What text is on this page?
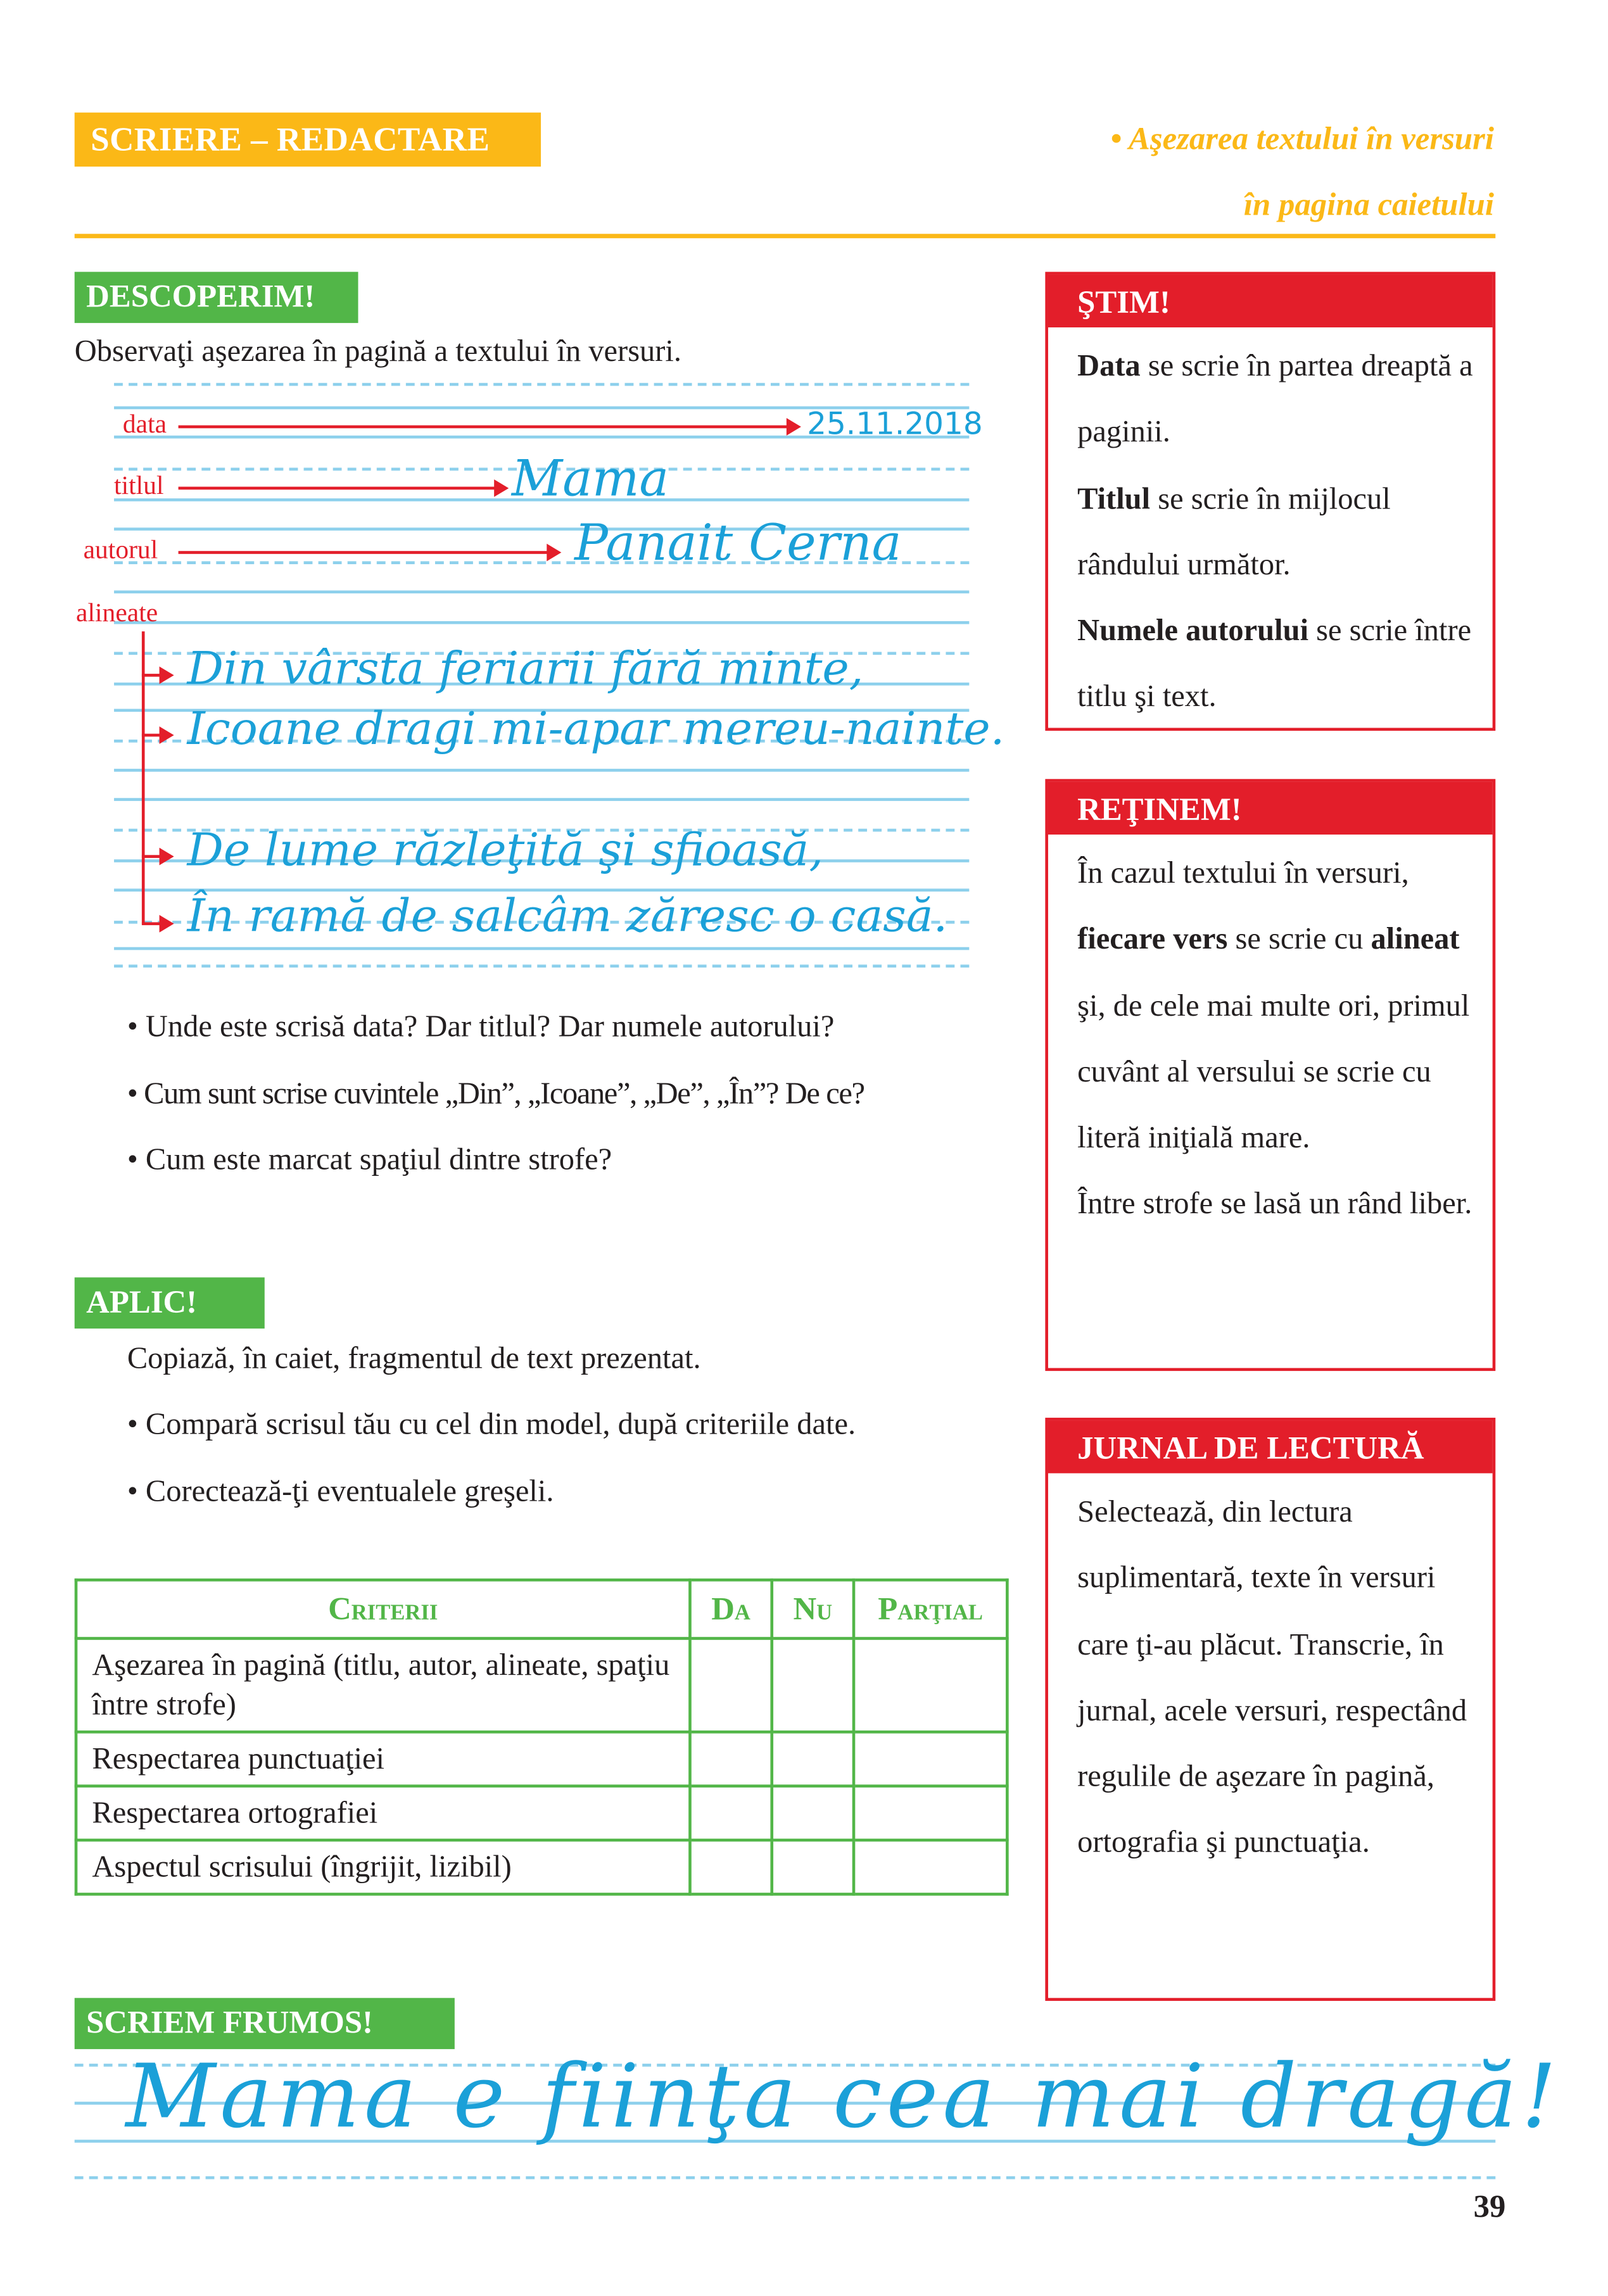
SCRIERE – REDACTARE	• Aşezarea textului în versuri
în pagina caietului
DESCOPERIM!
Observaţi aşezarea în pagină a textului în versuri.
data	25.11.2018
titlul	Mama
autorul	Panait Cerna
alineate
Din vârsta feriarii fără minte,
Icoane dragi mi-apar mereu-nainte.
De lume răzleţită şi sfioasă,
În ramă de salcâm zăresc o casă.
• Unde este scrisă data? Dar titlul? Dar numele autorului?
• Cum sunt scrise cuvintele „Din”, „Icoane”, „De”, „În”? De ce?
• Cum este marcat spaţiul dintre strofe?
APLIC!
Copiază, în caiet, fragmentul de text prezentat.
• Compară scrisul tău cu cel din model, după criteriile date.
• Corectează-ţi eventualele greşeli.
Criterii	Da	Nu	Parţial
Aşezarea în pagină (titlu, autor, alineate, spaţiu între strofe)			
Respectarea punctuaţiei			
Respectarea ortografiei			
Aspectul scrisului (îngrijit, lizibil)			
SCRIEM FRUMOS!
Mama e fiinţa cea mai dragă!
ŞTIM!
Data se scrie în partea dreaptă a paginii.
Titlul se scrie în mijlocul rândului următor.
Numele autorului se scrie între titlu şi text.
REŢINEM!
În cazul textului în versuri, fiecare vers se scrie cu alineat şi, de cele mai multe ori, primul cuvânt al versului se scrie cu literă iniţială mare.
Între strofe se lasă un rând liber.
JURNAL DE LECTURĂ
Selectează, din lectura suplimentară, texte în versuri care ţi-au plăcut. Transcrie, în jurnal, acele versuri, respectând regulile de aşezare în pagină, ortografia şi punctuaţia.
39
